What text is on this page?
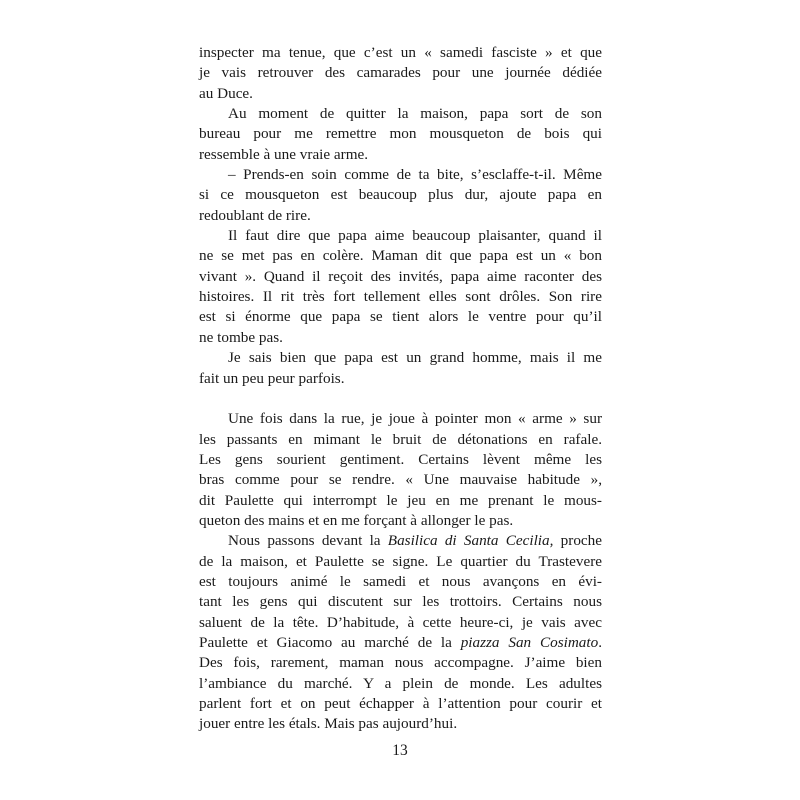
inspecter ma tenue, que c’est un « samedi fasciste » et que
je vais retrouver des camarades pour une journée dédiée
au Duce.
Au moment de quitter la maison, papa sort de son
bureau pour me remettre mon mousqueton de bois qui
ressemble à une vraie arme.
– Prends-en soin comme de ta bite, s’esclaffe-t-il. Même
si ce mousqueton est beaucoup plus dur, ajoute papa en
redoublant de rire.
Il faut dire que papa aime beaucoup plaisanter, quand il
ne se met pas en colère. Maman dit que papa est un « bon
vivant ». Quand il reçoit des invités, papa aime raconter des
histoires. Il rit très fort tellement elles sont drôles. Son rire
est si énorme que papa se tient alors le ventre pour qu’il
ne tombe pas.
Je sais bien que papa est un grand homme, mais il me
fait un peu peur parfois.
Une fois dans la rue, je joue à pointer mon « arme » sur
les passants en mimant le bruit de détonations en rafale.
Les gens sourient gentiment. Certains lèvent même les
bras comme pour se rendre. « Une mauvaise habitude »,
dit Paulette qui interrompt le jeu en me prenant le mous-
queton des mains et en me forçant à allonger le pas.
Nous passons devant la Basilica di Santa Cecilia, proche
de la maison, et Paulette se signe. Le quartier du Trastevere
est toujours animé le samedi et nous avançons en évi-
tant les gens qui discutent sur les trottoirs. Certains nous
saluent de la tête. D’habitude, à cette heure-ci, je vais avec
Paulette et Giacomo au marché de la piazza San Cosimato.
Des fois, rarement, maman nous accompagne. J’aime bien
l’ambiance du marché. Y a plein de monde. Les adultes
parlent fort et on peut échapper à l’attention pour courir et
jouer entre les étals. Mais pas aujourd’hui.
13
